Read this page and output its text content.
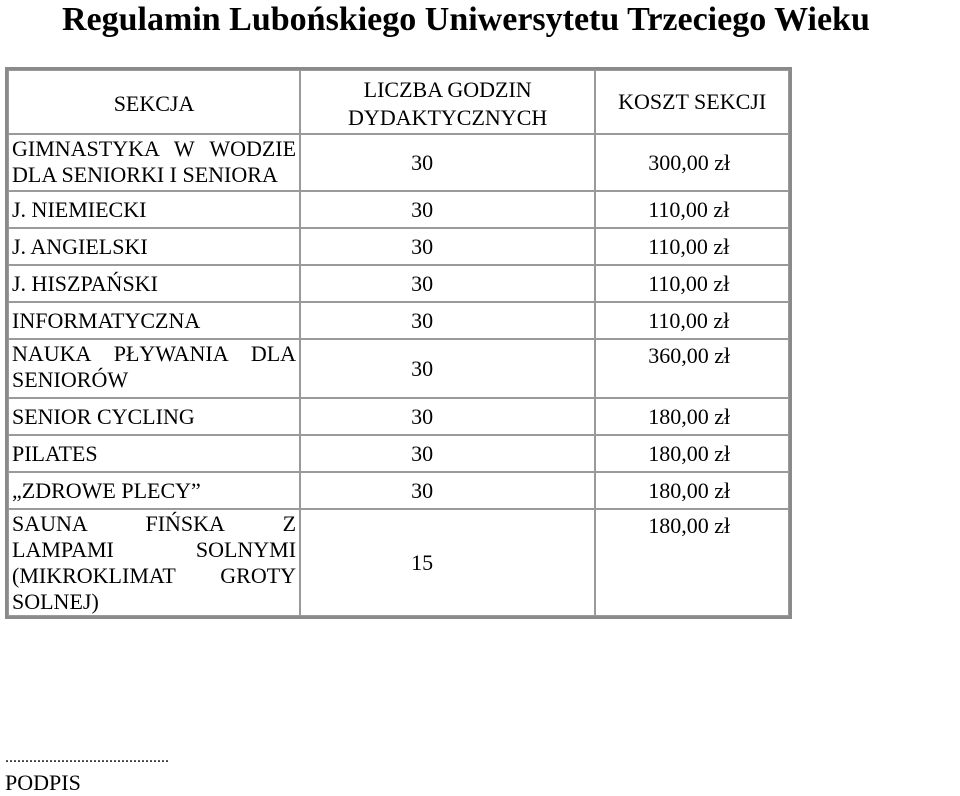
Regulamin Lubońskiego Uniwersytetu Trzeciego Wieku
SEKCJA	LICZBA GODZIN DYDAKTYCZNYCH	KOSZT SEKCJI
GIMNASTYKA W WODZIE DLA SENIORKI I SENIORA	30	300,00 zł
J. NIEMIECKI	30	110,00 zł
J. ANGIELSKI	30	110,00 zł
J. HISZPAŃSKI	30	110,00 zł
INFORMATYCZNA	30	110,00 zł
NAUKA PŁYWANIA DLA SENIORÓW	30	360,00 zł
SENIOR CYCLING	30	180,00 zł
PILATES	30	180,00 zł
„ZDROWE PLECY”	30	180,00 zł
SAUNA FIŃSKA Z LAMPAMI SOLNYMI (MIKROKLIMAT GROTY SOLNEJ)	15	180,00 zł
.........................................
PODPIS
